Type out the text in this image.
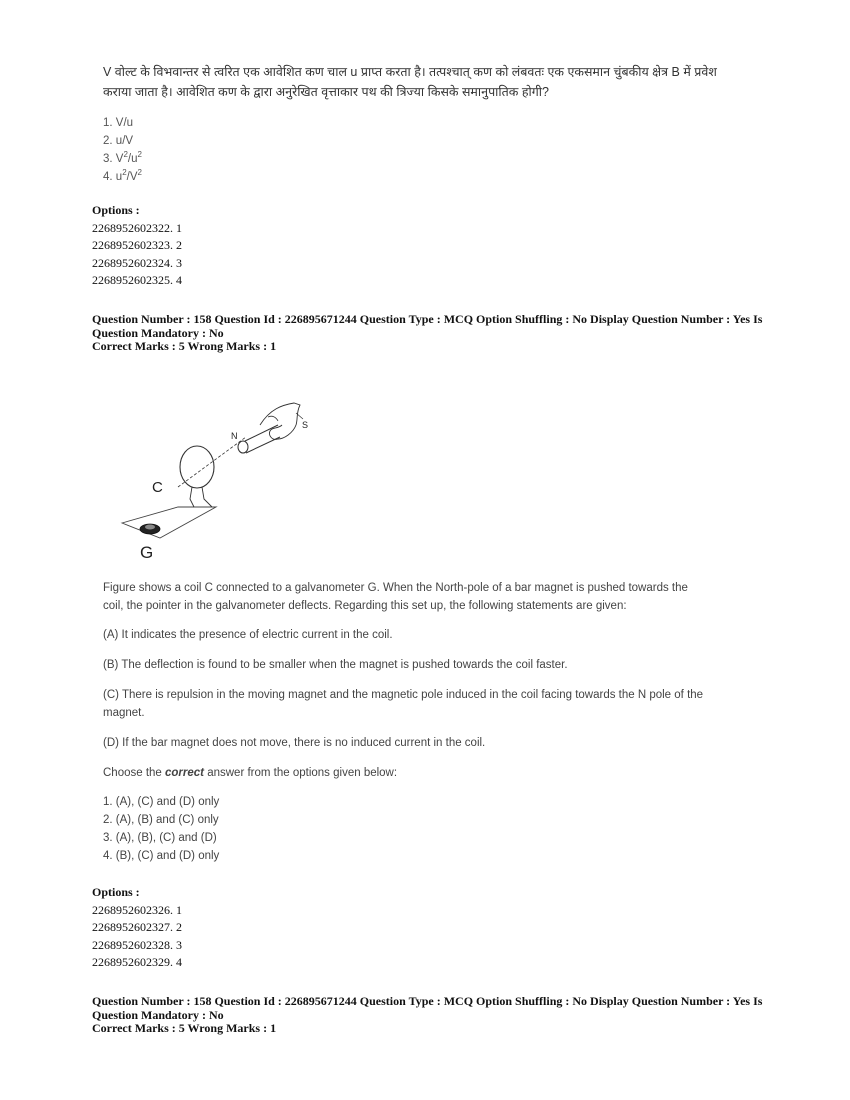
V वोल्ट के विभवान्तर से त्वरित एक आवेशित कण चाल u प्राप्त करता है। तत्पश्चात् कण को लंबवतः एक एकसमान चुंबकीय क्षेत्र B में प्रवेश कराया जाता है। आवेशित कण के द्वारा अनुरेखित वृत्ताकार पथ की त्रिज्या किसके समानुपातिक होगी?
1. V/u
2. u/V
3. $V^2/u^2$
4. $u^2/V^2$
Options :
2268952602322. 1
2268952602323. 2
2268952602324. 3
2268952602325. 4
Question Number : 158 Question Id : 226895671244 Question Type : MCQ Option Shuffling : No Display Question Number : Yes Is
Question Mandatory : No
Correct Marks : 5 Wrong Marks : 1
C
G
N
S
Figure shows a coil C connected to a galvanometer G. When the North-pole of a bar magnet is pushed towards the
coil, the pointer in the galvanometer deflects. Regarding this set up, the following statements are given:
(A) It indicates the presence of electric current in the coil.
(B) The deflection is found to be smaller when the magnet is pushed towards the coil faster.
(C) There is repulsion in the moving magnet and the magnetic pole induced in the coil facing towards the N pole of the
magnet.
(D) If the bar magnet does not move, there is no induced current in the coil.
Choose the correct answer from the options given below:
1. (A), (C) and (D) only
2. (A), (B) and (C) only
3. (A), (B), (C) and (D)
4. (B), (C) and (D) only
Options :
2268952602326. 1
2268952602327. 2
2268952602328. 3
2268952602329. 4
Question Number : 158 Question Id : 226895671244 Question Type : MCQ Option Shuffling : No Display Question Number : Yes Is
Question Mandatory : No
Correct Marks : 5 Wrong Marks : 1
